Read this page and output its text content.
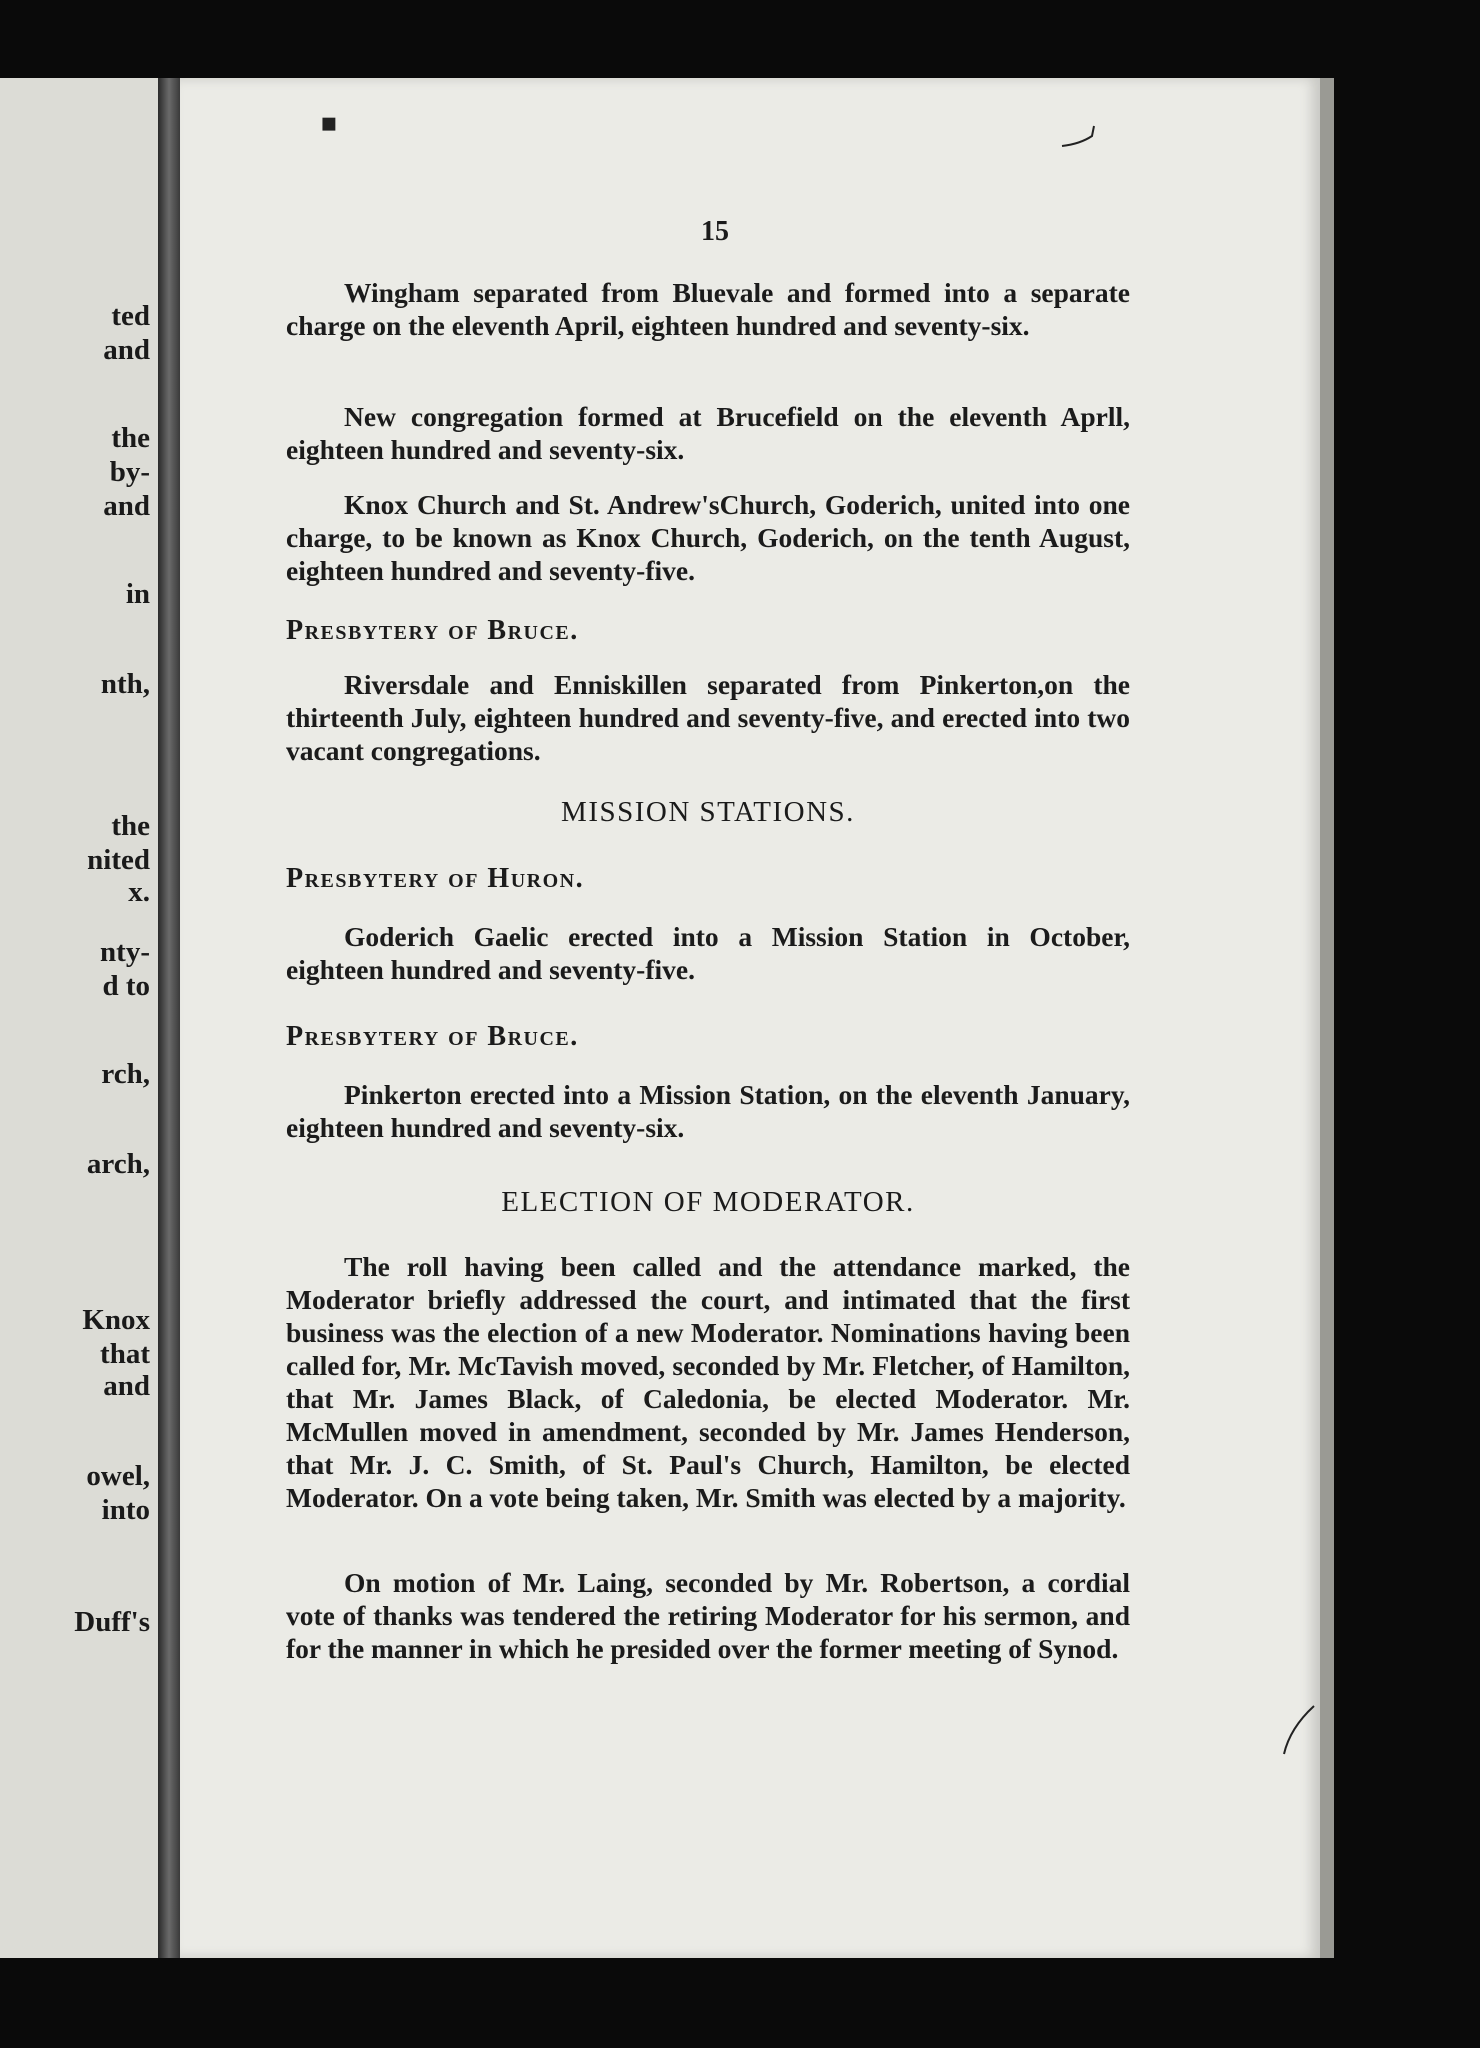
ted
and
the
by-
and
in
nth,
the
nited
x.
nty-
d to
rch,
arch,
Knox
that
and
owel,
into
Duff's
▪
15

Wingham separated from Bluevale and formed into a separate charge on the eleventh April, eighteen hundred and seventy-six.

New congregation formed at Brucefield on the eleventh Aprll, eighteen hundred and seventy-six.

Knox Church and St. Andrew'sChurch, Goderich, united into one charge, to be known as Knox Church, Goderich, on the tenth August, eighteen hundred and seventy-five.

Presbytery of Bruce.

Riversdale and Enniskillen separated from Pinkerton,on the thirteenth July, eighteen hundred and seventy-five, and erected into two vacant congregations.

MISSION STATIONS.

Presbytery of Huron.

Goderich Gaelic erected into a Mission Station in October, eighteen hundred and seventy-five.

Presbytery of Bruce.

Pinkerton erected into a Mission Station, on the eleventh January, eighteen hundred and seventy-six.

ELECTION OF MODERATOR.

The roll having been called and the attendance marked, the Moderator briefly addressed the court, and intimated that the first business was the election of a new Moderator. Nominations having been called for, Mr. McTavish moved, seconded by Mr. Fletcher, of Hamilton, that Mr. James Black, of Caledonia, be elected Moderator. Mr. McMullen moved in amendment, seconded by Mr. James Henderson, that Mr. J. C. Smith, of St. Paul's Church, Hamilton, be elected Moderator. On a vote being taken, Mr. Smith was elected by a majority.

On motion of Mr. Laing, seconded by Mr. Robertson, a cordial vote of thanks was tendered the retiring Moderator for his sermon, and for the manner in which he presided over the former meeting of Synod.
